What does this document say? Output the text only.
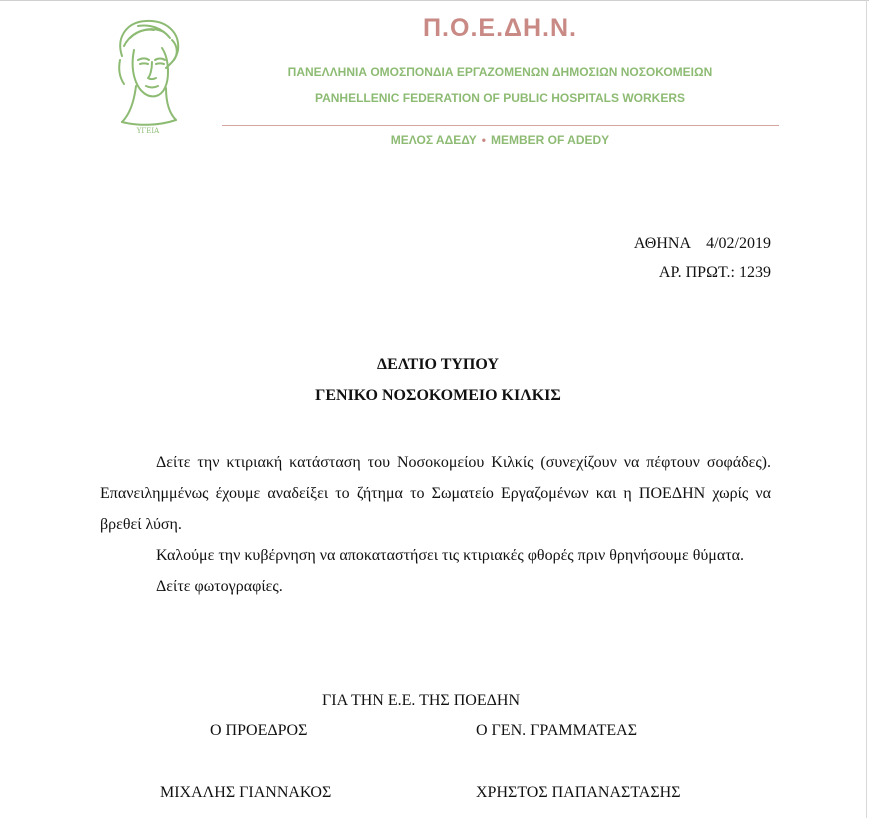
ΥΓΕΙΑ
Π.Ο.Ε.ΔΗ.Ν.
ΠΑΝΕΛΛΗΝΙΑ ΟΜΟΣΠΟΝΔΙΑ ΕΡΓΑΖΟΜΕΝΩΝ ΔΗΜΟΣΙΩΝ ΝΟΣΟΚΟΜΕΙΩΝ
PANHELLENIC FEDERATION OF PUBLIC HOSPITALS WORKERS
ΜΕΛΟΣ ΑΔΕΔΥ • MEMBER OF ADEDY
ΑΘΗΝΑ 4/02/2019
ΑΡ. ΠΡΩΤ.: 1239
ΔΕΛΤΙΟ ΤΥΠΟΥ
ΓΕΝΙΚΟ ΝΟΣΟΚΟΜΕΙΟ ΚΙΛΚΙΣ

Δείτε την κτιριακή κατάσταση του Νοσοκομείου Κιλκίς (συνεχίζουν να πέφτουν σοφάδες). Επανειλημμένως έχουμε αναδείξει το ζήτημα το Σωματείο Εργαζομένων και η ΠΟΕΔΗΝ χωρίς να βρεθεί λύση.

Καλούμε την κυβέρνηση να αποκαταστήσει τις κτιριακές φθορές πριν θρηνήσουμε θύματα.

Δείτε φωτογραφίες.

ΓΙΑ ΤΗΝ Ε.Ε. ΤΗΣ ΠΟΕΔΗΝ
Ο ΠΡΟΕΔΡΟΣ	Ο ΓΕΝ. ΓΡΑΜΜΑΤΕΑΣ
ΜΙΧΑΛΗΣ ΓΙΑΝΝΑΚΟΣ	ΧΡΗΣΤΟΣ ΠΑΠΑΝΑΣΤΑΣΗΣ
